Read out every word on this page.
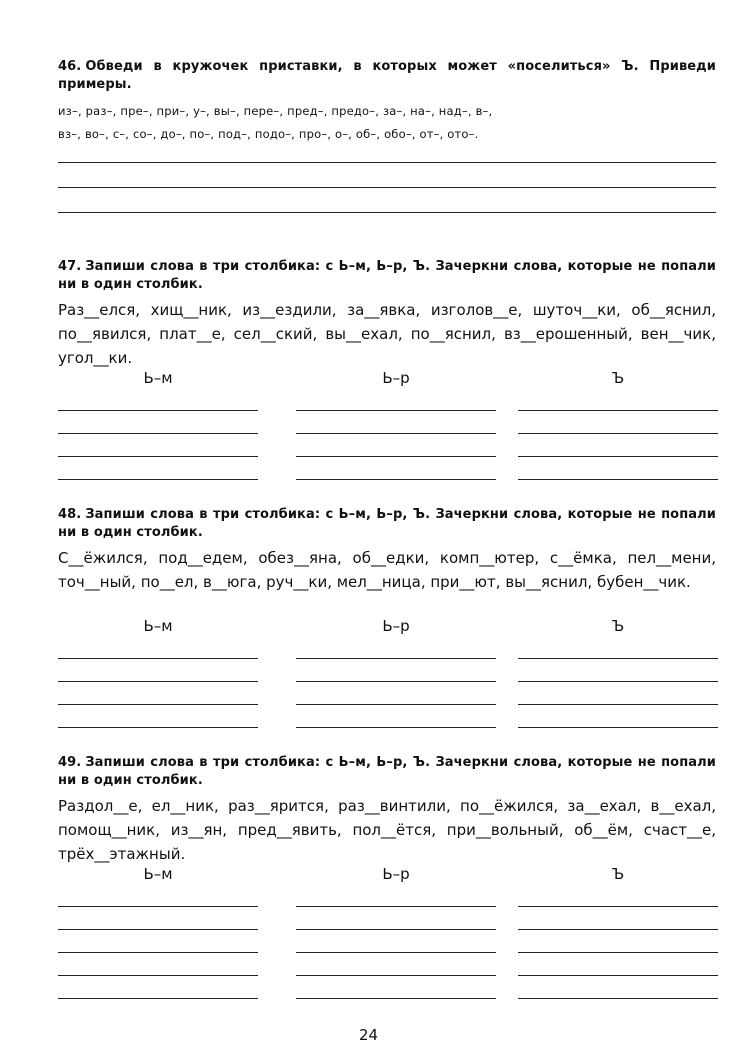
46. Обведи в кружочек приставки, в которых может «поселиться» Ъ. Приведи примеры.

из–, раз–, пре–, при–, у–, вы–, пере–, пред–, предо–, за–, на–, над–, в–,
вз–, во–, с–, со–, до–, по–, под–, подо–, про–, о–, об–, обо–, от–, ото–.

47. Запиши слова в три столбика: с Ь–м, Ь–р, Ъ. Зачеркни слова, которые не попали ни в один столбик.

Раз__елся, хищ__ник, из__ездили, за__явка, изголов__е, шуточ__ки, об__яснил, по__явился, плат__е, сел__ский, вы__ехал, по__яснил, вз__ерошенный, вен__чик, угол__ки.
Ь–м	Ь–р	Ъ

48. Запиши слова в три столбика: с Ь–м, Ь–р, Ъ. Зачеркни слова, которые не попали ни в один столбик.

С__ёжился, под__едем, обез__яна, об__едки, комп__ютер, с__ёмка, пел__мени, точ__ный, по__ел, в__юга, руч__ки, мел__ница, при__ют, вы__яснил, бубен__чик.
Ь–м	Ь–р	Ъ

49. Запиши слова в три столбика: с Ь–м, Ь–р, Ъ. Зачеркни слова, которые не попали ни в один столбик.

Раздол__е, ел__ник, раз__ярится, раз__винтили, по__ёжился, за__ехал, в__ехал, помощ__ник, из__ян, пред__явить, пол__ётся, при__вольный, об__ём, счаст__е, трёх__этажный.
Ь–м	Ь–р	Ъ
24
